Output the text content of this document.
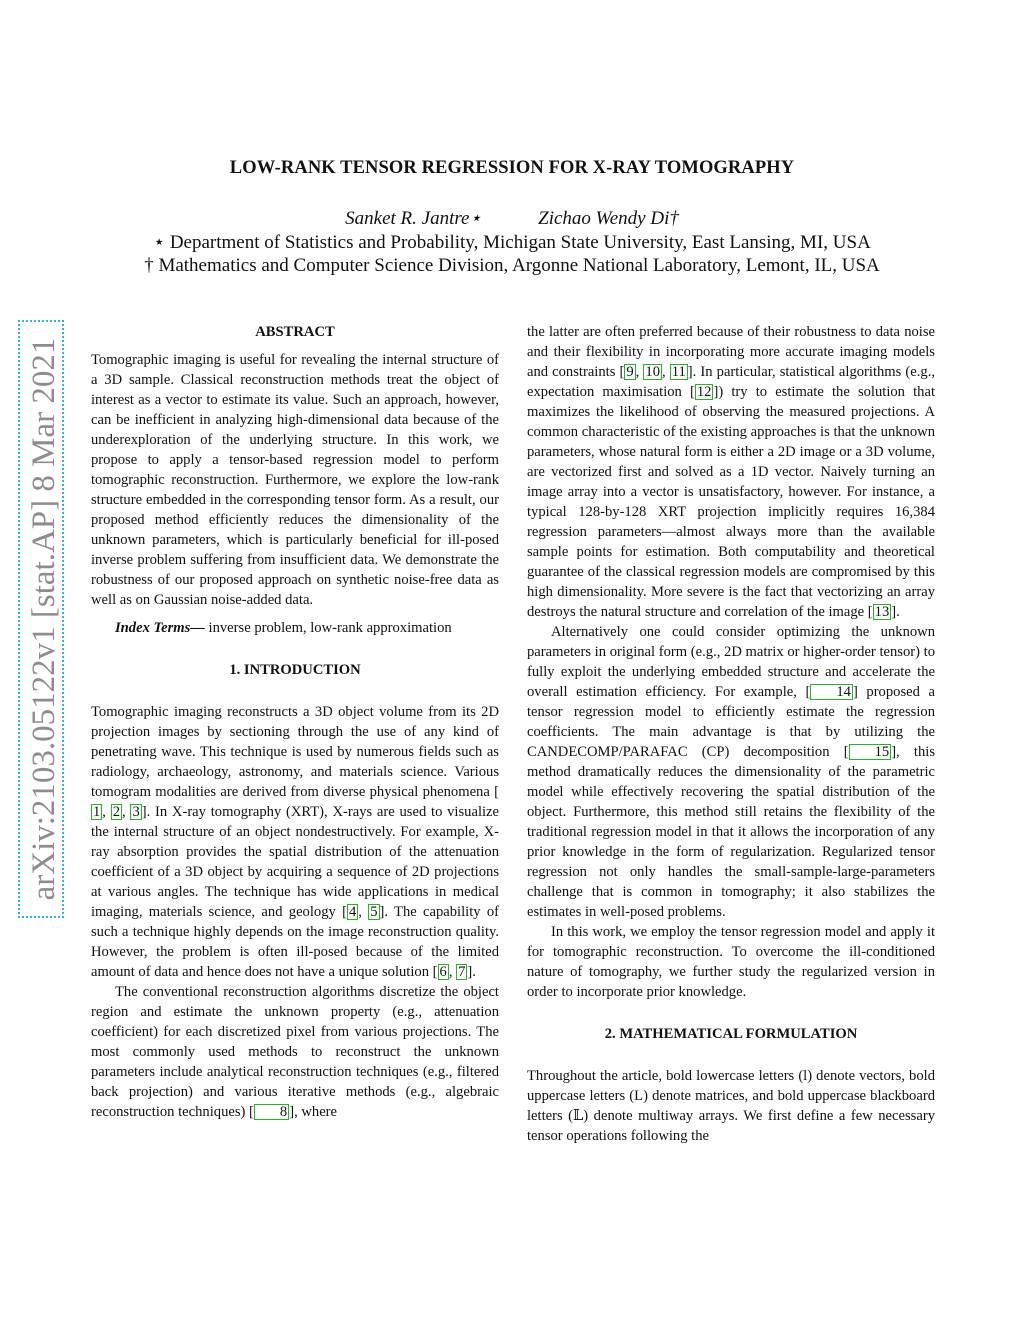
LOW-RANK TENSOR REGRESSION FOR X-RAY TOMOGRAPHY
Sanket R. Jantre⋆	Zichao Wendy Di†
⋆ Department of Statistics and Probability, Michigan State University, East Lansing, MI, USA
† Mathematics and Computer Science Division, Argonne National Laboratory, Lemont, IL, USA
arXiv:2103.05122v1 [stat.AP] 8 Mar 2021

ABSTRACT

Tomographic imaging is useful for revealing the internal structure of a 3D sample. Classical reconstruction methods treat the object of interest as a vector to estimate its value. Such an approach, however, can be inefficient in analyzing high-dimensional data because of the underexploration of the underlying structure. In this work, we propose to apply a tensor-based regression model to perform tomographic reconstruction. Furthermore, we explore the low-rank structure embedded in the corresponding tensor form. As a result, our proposed method efficiently reduces the dimensionality of the unknown parameters, which is particularly beneficial for ill-posed inverse problem suffering from insufficient data. We demonstrate the robustness of our proposed approach on synthetic noise-free data as well as on Gaussian noise-added data.

Index Terms— inverse problem, low-rank approximation

1. INTRODUCTION

Tomographic imaging reconstructs a 3D object volume from its 2D projection images by sectioning through the use of any kind of penetrating wave. This technique is used by numerous fields such as radiology, archaeology, astronomy, and materials science. Various tomogram modalities are derived from diverse physical phenomena [1 , 2 , 3 ]. In X-ray tomography (XRT), X-rays are used to visualize the internal structure of an object nondestructively. For example, X-ray absorption provides the spatial distribution of the attenuation coefficient of a 3D object by acquiring a sequence of 2D projections at various angles. The technique has wide applications in medical imaging, materials science, and geology [ 4 , 5 ]. The capability of such a technique highly depends on the image reconstruction quality. However, the problem is often ill-posed because of the limited amount of data and hence does not have a unique solution [ 6 , 7 ].

The conventional reconstruction algorithms discretize the object region and estimate the unknown property (e.g., attenuation coefficient) for each discretized pixel from various projections. The most commonly used methods to reconstruct the unknown parameters include analytical reconstruction techniques (e.g., filtered back projection) and various iterative methods (e.g., algebraic reconstruction techniques) [ 8 ], where

the latter are often preferred because of their robustness to data noise and their flexibility in incorporating more accurate imaging models and constraints [ 9 , 10 , 11 ]. In particular, statistical algorithms (e.g., expectation maximisation [ 12 ]) try to estimate the solution that maximizes the likelihood of observing the measured projections. A common characteristic of the existing approaches is that the unknown parameters, whose natural form is either a 2D image or a 3D volume, are vectorized first and solved as a 1D vector. Naively turning an image array into a vector is unsatisfactory, however. For instance, a typical 128-by-128 XRT projection implicitly requires 16,384 regression parameters—almost always more than the available sample points for estimation. Both computability and theoretical guarantee of the classical regression models are compromised by this high dimensionality. More severe is the fact that vectorizing an array destroys the natural structure and correlation of the image [ 13 ].

Alternatively one could consider optimizing the unknown parameters in original form (e.g., 2D matrix or higher-order tensor) to fully exploit the underlying embedded structure and accelerate the overall estimation efficiency. For example, [ 14 ] proposed a tensor regression model to efficiently estimate the regression coefficients. The main advantage is that by utilizing the CANDECOMP/PARAFAC (CP) decomposition [ 15 ], this method dramatically reduces the dimensionality of the parametric model while effectively recovering the spatial distribution of the object. Furthermore, this method still retains the flexibility of the traditional regression model in that it allows the incorporation of any prior knowledge in the form of regularization. Regularized tensor regression not only handles the small-sample-large-parameters challenge that is common in tomography; it also stabilizes the estimates in well-posed problems.

In this work, we employ the tensor regression model and apply it for tomographic reconstruction. To overcome the ill-conditioned nature of tomography, we further study the regularized version in order to incorporate prior knowledge.

2. MATHEMATICAL FORMULATION

Throughout the article, bold lowercase letters (l) denote vectors, bold uppercase letters (L) denote matrices, and bold uppercase blackboard letters (𝕃) denote multiway arrays. We first define a few necessary tensor operations following the
